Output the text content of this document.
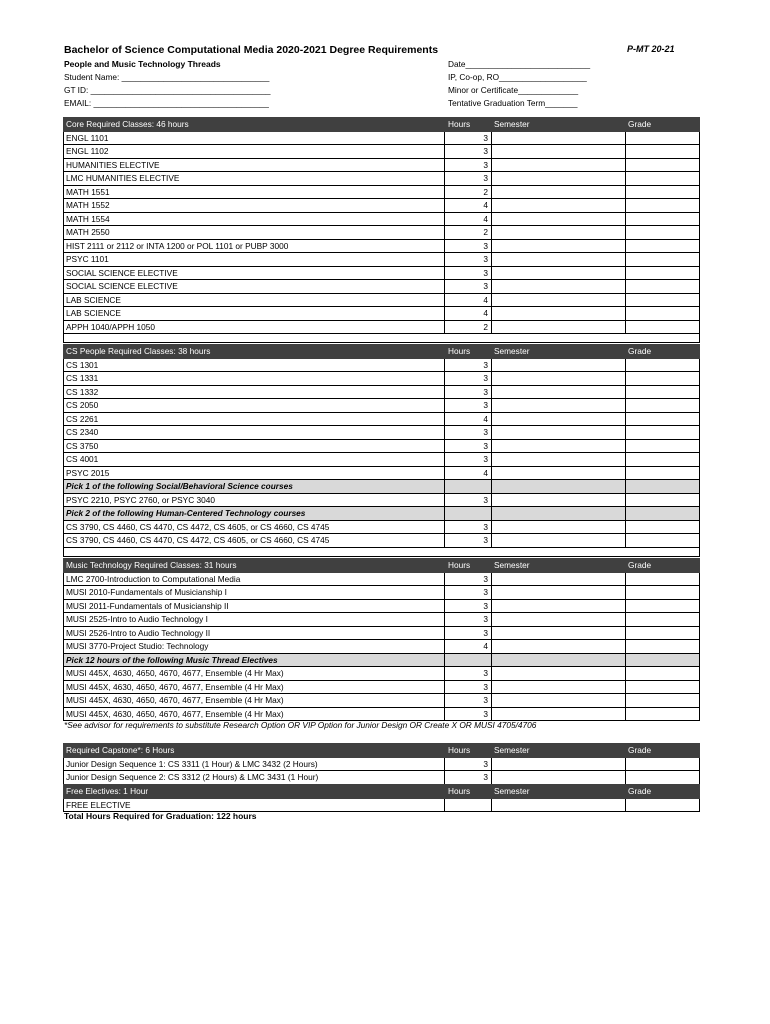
Bachelor of Science Computational Media 2020-2021 Degree Requirements	P-MT 20-21
People and Music Technology Threads
Student Name: ________________________________
GT ID: _______________________________________
EMAIL: ______________________________________
Date___________________________
IP, Co-op, RO___________________
Minor or Certificate_____________
Tentative Graduation Term_______
Core Required Classes: 46 hours	Hours	Semester	Grade
ENGL 1101	3		
ENGL 1102	3		
HUMANITIES ELECTIVE	3		
LMC HUMANITIES ELECTIVE	3		
MATH 1551	2		
MATH 1552	4		
MATH 1554	4		
MATH 2550	2		
HIST 2111 or 2112 or INTA 1200 or POL 1101 or PUBP 3000	3		
PSYC 1101	3		
SOCIAL SCIENCE ELECTIVE	3		
SOCIAL SCIENCE ELECTIVE	3		
LAB SCIENCE	4		
LAB SCIENCE	4		
APPH 1040/APPH 1050	2		

CS People Required Classes: 38 hours	Hours	Semester	Grade
CS 1301	3		
CS 1331	3		
CS 1332	3		
CS 2050	3		
CS 2261	4		
CS 2340	3		
CS 3750	3		
CS 4001	3		
PSYC 2015	4		
Pick 1 of the following Social/Behavioral Science courses			
PSYC 2210, PSYC 2760, or PSYC 3040	3		
Pick 2 of the following Human-Centered Technology courses			
CS 3790, CS 4460, CS 4470, CS 4472, CS 4605, or CS 4660, CS 4745	3		
CS 3790, CS 4460, CS 4470, CS 4472, CS 4605, or CS 4660, CS 4745	3		

Music Technology Required Classes: 31 hours	Hours	Semester	Grade
LMC 2700-Introduction to Computational Media	3		
MUSI 2010-Fundamentals of Musicianship I	3		
MUSI 2011-Fundamentals of Musicianship II	3		
MUSI 2525-Intro to Audio Technology I	3		
MUSI 2526-Intro to Audio Technology II	3		
MUSI 3770-Project Studio: Technology	4		
Pick 12 hours of the following Music Thread Electives			
MUSI 445X, 4630, 4650, 4670, 4677, Ensemble (4 Hr Max)	3		
MUSI 445X, 4630, 4650, 4670, 4677, Ensemble (4 Hr Max)	3		
MUSI 445X, 4630, 4650, 4670, 4677, Ensemble (4 Hr Max)	3		
MUSI 445X, 4630, 4650, 4670, 4677, Ensemble (4 Hr Max)	3		
*See advisor for requirements to substitute Research Option OR VIP Option for Junior Design OR Create X OR MUSI 4705/4706
Required Capstone*: 6 Hours	Hours	Semester	Grade
Junior Design Sequence 1: CS 3311 (1 Hour) & LMC 3432 (2 Hours)	3		
Junior Design Sequence 2: CS 3312 (2 Hours) & LMC 3431 (1 Hour)	3		
Free Electives: 1 Hour	Hours	Semester	Grade
FREE ELECTIVE			
Total Hours Required for Graduation: 122 hours
